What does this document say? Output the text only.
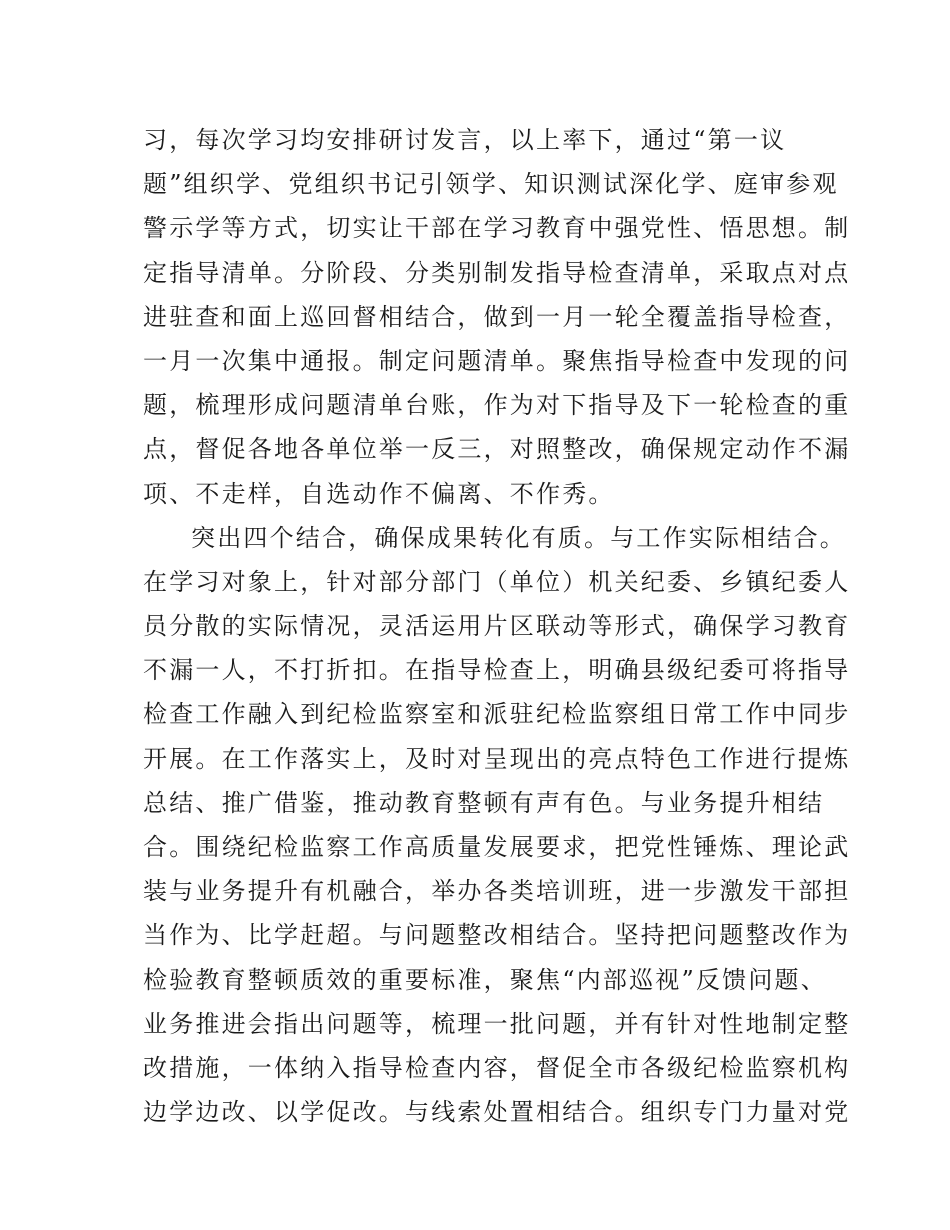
习，每次学习均安排研讨发言，以上率下，通过“第一议
题”组织学、党组织书记引领学、知识测试深化学、庭审参观
警示学等方式，切实让干部在学习教育中强党性、悟思想。制
定指导清单。分阶段、分类别制发指导检查清单，采取点对点
进驻查和面上巡回督相结合，做到一月一轮全覆盖指导检查，
一月一次集中通报。制定问题清单。聚焦指导检查中发现的问
题，梳理形成问题清单台账，作为对下指导及下一轮检查的重
点，督促各地各单位举一反三，对照整改，确保规定动作不漏
项、不走样，自选动作不偏离、不作秀。
突出四个结合，确保成果转化有质。与工作实际相结合。
在学习对象上，针对部分部门（单位）机关纪委、乡镇纪委人
员分散的实际情况，灵活运用片区联动等形式，确保学习教育
不漏一人，不打折扣。在指导检查上，明确县级纪委可将指导
检查工作融入到纪检监察室和派驻纪检监察组日常工作中同步
开展。在工作落实上，及时对呈现出的亮点特色工作进行提炼
总结、推广借鉴，推动教育整顿有声有色。与业务提升相结
合。围绕纪检监察工作高质量发展要求，把党性锤炼、理论武
装与业务提升有机融合，举办各类培训班，进一步激发干部担
当作为、比学赶超。与问题整改相结合。坚持把问题整改作为
检验教育整顿质效的重要标准，聚焦“内部巡视”反馈问题、
业务推进会指出问题等，梳理一批问题，并有针对性地制定整
改措施，一体纳入指导检查内容，督促全市各级纪检监察机构
边学边改、以学促改。与线索处置相结合。组织专门力量对党
